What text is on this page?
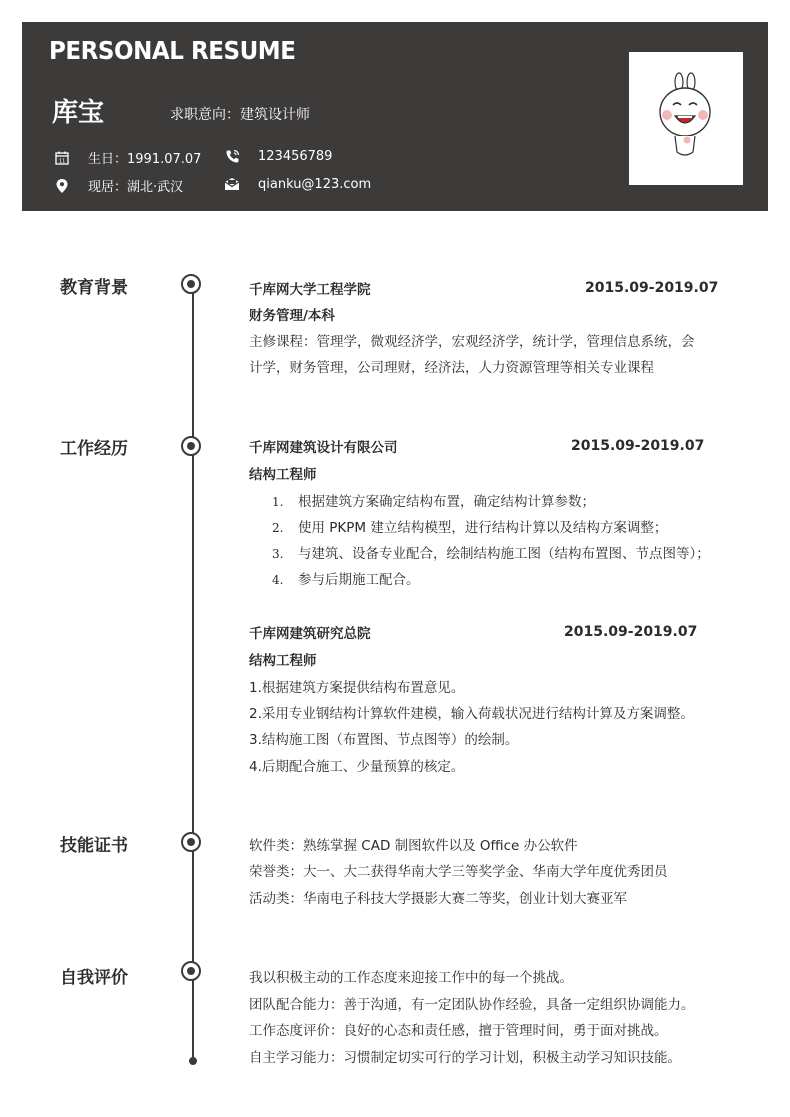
PERSONAL RESUME
库宝	求职意向：建筑设计师
11 生日：1991.07.07	123456789
现居：湖北·武汉	qianku@123.com
教育背景	千库网大学工程学院	2015.09-2019.07
财务管理/本科
主修课程：管理学，微观经济学，宏观经济学，统计学，管理信息系统，会
计学，财务管理，公司理财，经济法，人力资源管理等相关专业课程
工作经历	千库网建筑设计有限公司	2015.09-2019.07
结构工程师
1. 根据建筑方案确定结构布置，确定结构计算参数；
2. 使用 PKPM 建立结构模型，进行结构计算以及结构方案调整；
3. 与建筑、设备专业配合，绘制结构施工图（结构布置图、节点图等）；
4. 参与后期施工配合。
千库网建筑研究总院	2015.09-2019.07
结构工程师
1.根据建筑方案提供结构布置意见。
2.采用专业钢结构计算软件建模，输入荷载状况进行结构计算及方案调整。
3.结构施工图（布置图、节点图等）的绘制。
4.后期配合施工、少量预算的核定。
技能证书	软件类：熟练掌握 CAD 制图软件以及 Office 办公软件
荣誉类：大一、大二获得华南大学三等奖学金、华南大学年度优秀团员
活动类：华南电子科技大学摄影大赛二等奖，创业计划大赛亚军
自我评价	我以积极主动的工作态度来迎接工作中的每一个挑战。
团队配合能力：善于沟通，有一定团队协作经验，具备一定组织协调能力。
工作态度评价：良好的心态和责任感，擅于管理时间，勇于面对挑战。
自主学习能力：习惯制定切实可行的学习计划，积极主动学习知识技能。
